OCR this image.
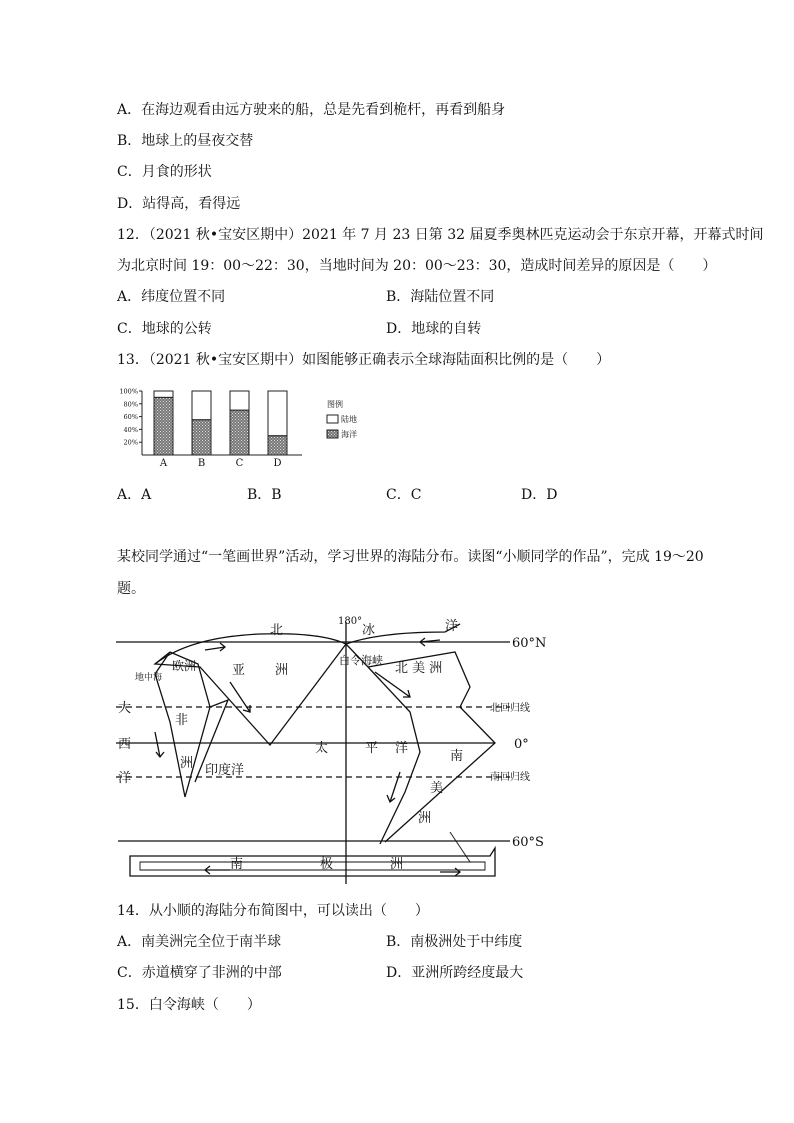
A．在海边观看由远方驶来的船，总是先看到桅杆，再看到船身
B．地球上的昼夜交替
C．月食的形状
D．站得高，看得远
12．（2021 秋•宝安区期中）2021 年 7 月 23 日第 32 届夏季奥林匹克运动会于东京开幕，开幕式时间
为北京时间 19：00～22：30，当地时间为 20：00～23：30，造成时间差异的原因是（　　）
A．纬度位置不同	B．海陆位置不同
C．地球的公转	D．地球的自转
13．（2021 秋•宝安区期中）如图能够正确表示全球海陆面积比例的是（　　）
100%
80%
60%
40%
20%
A	B	C	D
图例
陆地
海洋
A．A	B．B	C．C	D．D
某校同学通过“一笔画世界”活动，学习世界的海陆分布。读图“小顺同学的作品”，完成 19～20
题。
60°N
北回归线
0°
南回归线
60°S
180°
北	冰	洋
亚 洲
欧洲
地中海
非
洲 印度洋
太	平 洋
白令海峡
北 美 洲
南
美
洲
南	极	洲
大
西
洋
14．从小顺的海陆分布简图中，可以读出（　　）
A．南美洲完全位于南半球	B．南极洲处于中纬度
C．赤道横穿了非洲的中部	D．亚洲所跨经度最大
15．白令海峡（　　）
